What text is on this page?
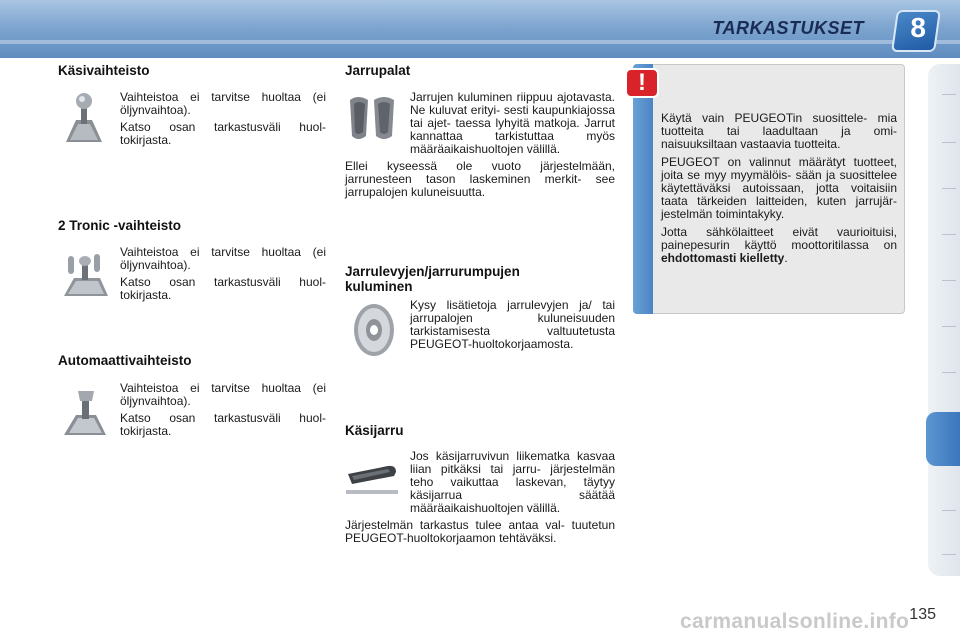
TARKASTUKSET 8
Käsivaihteisto
Vaihteistoa ei tarvitse huoltaa (ei öljynvaihtoa).
Katso osan tarkastusväli huol- tokirjasta.
2 Tronic -vaihteisto
Vaihteistoa ei tarvitse huoltaa (ei öljynvaihtoa).
Katso osan tarkastusväli huol- tokirjasta.
Automaattivaihteisto
Vaihteistoa ei tarvitse huoltaa (ei öljynvaihtoa).
Katso osan tarkastusväli huol- tokirjasta.
Jarrupalat
Jarrujen kuluminen riippuu ajotavasta. Ne kuluvat erityi- sesti kaupunkiajossa tai ajet- taessa lyhyitä matkoja. Jarrut kannattaa tarkistuttaa myös määräaikaishuoltojen välillä.
Ellei kyseessä ole vuoto järjestelmään, jarrunesteen tason laskeminen merkit- see jarrupalojen kuluneisuutta.
Jarrulevyjen/jarrurumpujen kuluminen
Kysy lisätietoja jarrulevyjen ja/ tai jarrupalojen kuluneisuuden tarkistamisesta valtuutetusta PEUGEOT-huoltokorjaamosta.
Käsijarru
Jos käsijarruvivun liikematka kasvaa liian pitkäksi tai jarru- järjestelmän teho vaikuttaa laskevan, täytyy käsijarrua säätää määräaikaishuoltojen välillä.
Järjestelmän tarkastus tulee antaa val- tuutetun PEUGEOT-huoltokorjaamon tehtäväksi.
!
Käytä vain PEUGEOTin suosittele- mia tuotteita tai laadultaan ja omi- naisuuksiltaan vastaavia tuotteita.
PEUGEOT on valinnut määrätyt tuotteet, joita se myy myymälöis- sään ja suosittelee käytettäväksi autoissaan, jotta voitaisiin taata tärkeiden laitteiden, kuten jarrujär- jestelmän toimintakyky.
Jotta sähkölaitteet eivät vaurioituisi, painepesurin käyttö moottoritilassa on ehdottomasti kielletty.
carmanualsonline.info 135
